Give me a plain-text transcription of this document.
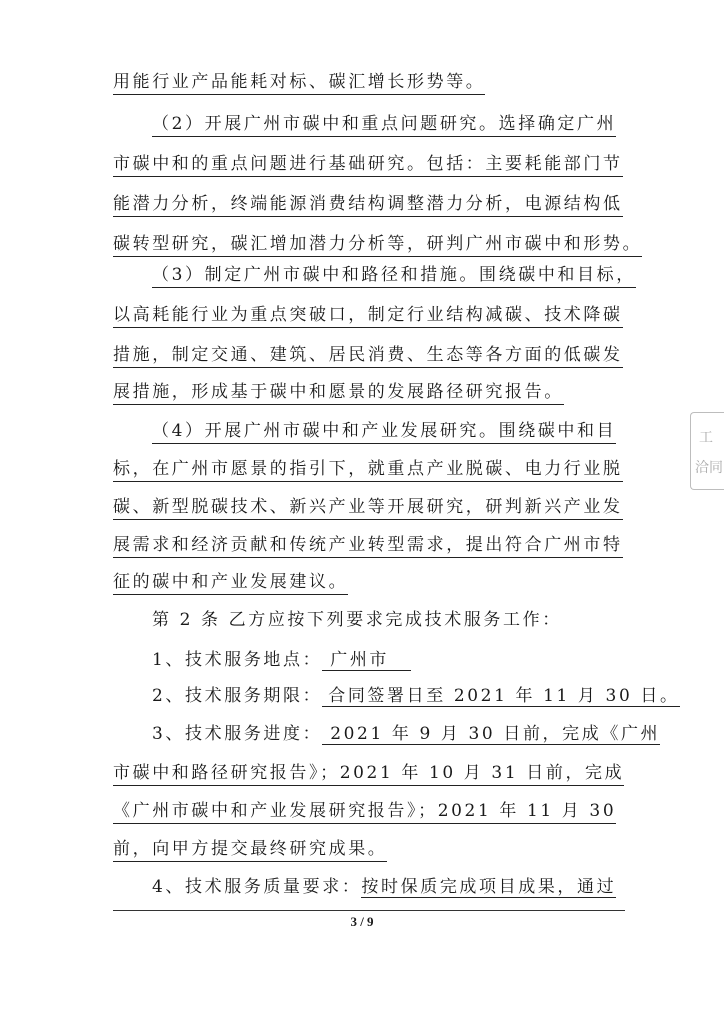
用能行业产品能耗对标、碳汇增长形势等。
（2）开展广州市碳中和重点问题研究。选择确定广州
市碳中和的重点问题进行基础研究。包括：主要耗能部门节
能潜力分析，终端能源消费结构调整潜力分析，电源结构低
碳转型研究，碳汇增加潜力分析等，研判广州市碳中和形势。
（3）制定广州市碳中和路径和措施。围绕碳中和目标，
以高耗能行业为重点突破口，制定行业结构减碳、技术降碳
措施，制定交通、建筑、居民消费、生态等各方面的低碳发
展措施，形成基于碳中和愿景的发展路径研究报告。
（4）开展广州市碳中和产业发展研究。围绕碳中和目
标，在广州市愿景的指引下，就重点产业脱碳、电力行业脱
碳、新型脱碳技术、新兴产业等开展研究，研判新兴产业发
展需求和经济贡献和传统产业转型需求，提出符合广州市特
征的碳中和产业发展建议。
第 2 条 乙方应按下列要求完成技术服务工作：
1、技术服务地点： 广州市
2、技术服务期限： 合同签署日至 2021 年 11 月 30 日。
3、技术服务进度： 2021 年 9 月 30 日前，完成《广州
市碳中和路径研究报告》；2021 年 10 月 31 日前，完成
《广州市碳中和产业发展研究报告》；2021 年 11 月 30
前，向甲方提交最终研究成果。
4、技术服务质量要求：按时保质完成项目成果，通过
3 / 9
工
洽同
